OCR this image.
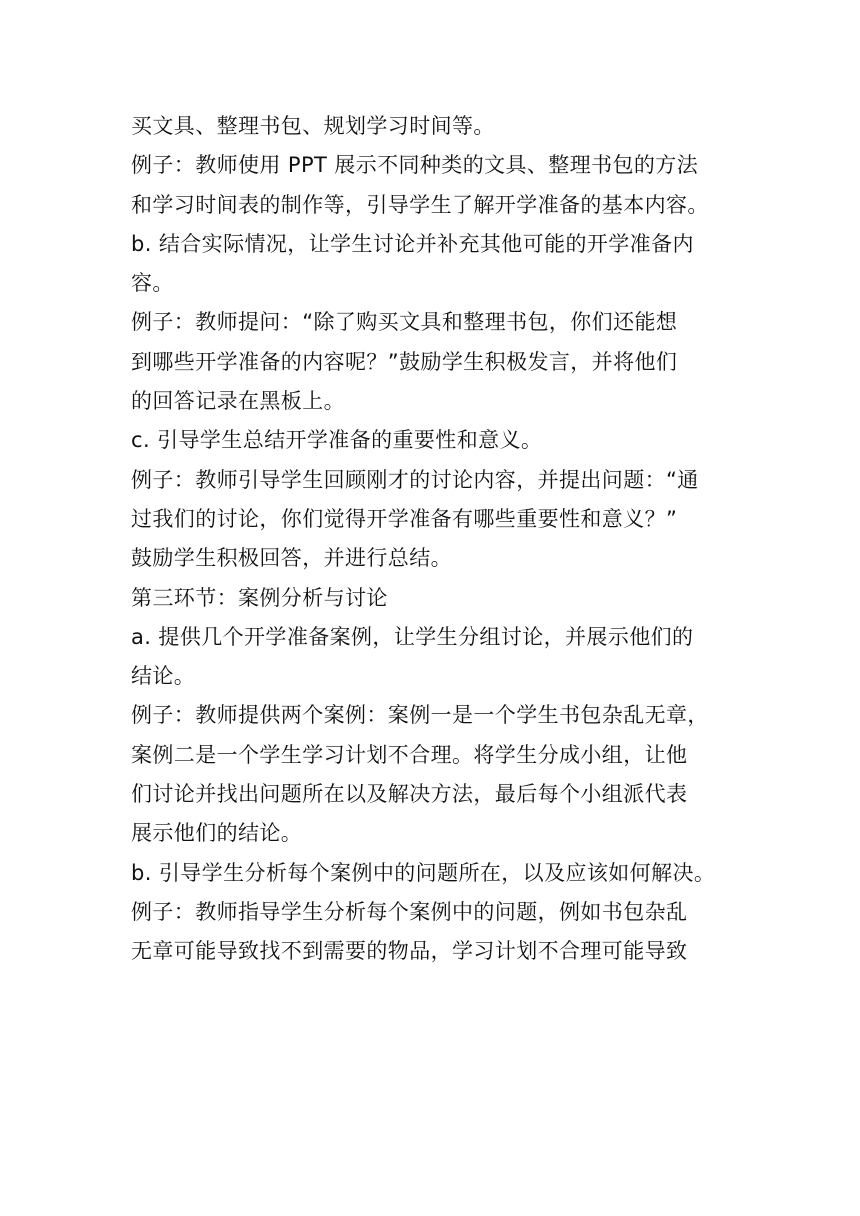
买文具、整理书包、规划学习时间等。
例子：教师使用 PPT 展示不同种类的文具、整理书包的方法
和学习时间表的制作等，引导学生了解开学准备的基本内容。
b. 结合实际情况，让学生讨论并补充其他可能的开学准备内
容。
例子：教师提问：“除了购买文具和整理书包，你们还能想
到哪些开学准备的内容呢？”鼓励学生积极发言，并将他们
的回答记录在黑板上。
c. 引导学生总结开学准备的重要性和意义。
例子：教师引导学生回顾刚才的讨论内容，并提出问题：“通
过我们的讨论，你们觉得开学准备有哪些重要性和意义？”
鼓励学生积极回答，并进行总结。
第三环节：案例分析与讨论
a. 提供几个开学准备案例，让学生分组讨论，并展示他们的
结论。
例子：教师提供两个案例：案例一是一个学生书包杂乱无章，
案例二是一个学生学习计划不合理。将学生分成小组，让他
们讨论并找出问题所在以及解决方法，最后每个小组派代表
展示他们的结论。
b. 引导学生分析每个案例中的问题所在，以及应该如何解决。
例子：教师指导学生分析每个案例中的问题，例如书包杂乱
无章可能导致找不到需要的物品，学习计划不合理可能导致
